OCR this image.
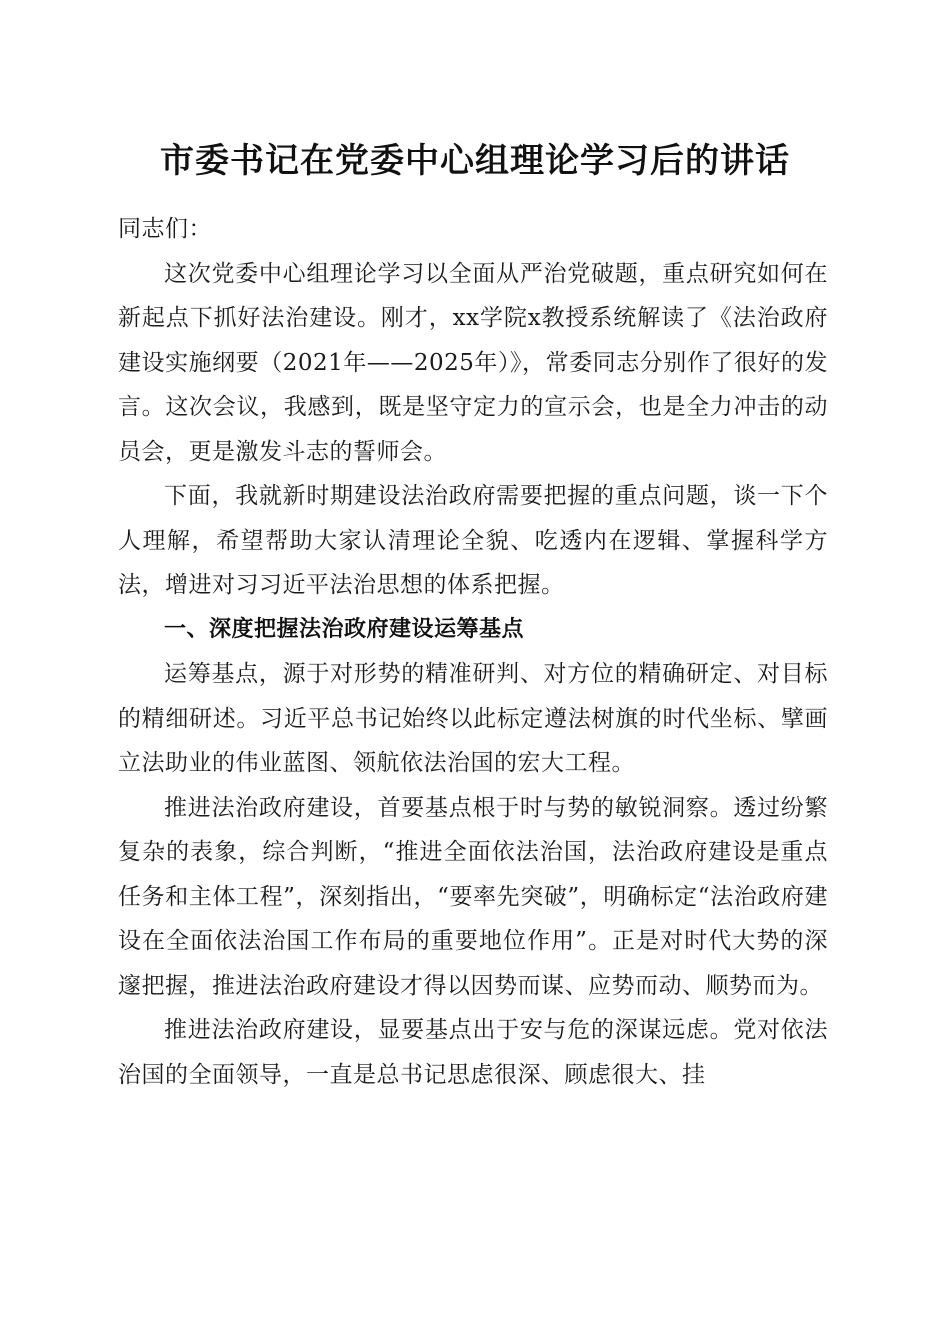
市委书记在党委中心组理论学习后的讲话

同志们：

这次党委中心组理论学习以全面从严治党破题，重点研究如何在新起点下抓好法治建设。刚才，xx学院x教授系统解读了《法治政府建设实施纲要（2021年——2025年）》，常委同志分别作了很好的发言。这次会议，我感到，既是坚守定力的宣示会，也是全力冲击的动员会，更是激发斗志的誓师会。

下面，我就新时期建设法治政府需要把握的重点问题，谈一下个人理解，希望帮助大家认清理论全貌、吃透内在逻辑、掌握科学方法，增进对习习近平法治思想的体系把握。

一、深度把握法治政府建设运筹基点

运筹基点，源于对形势的精准研判、对方位的精确研定、对目标的精细研述。习近平总书记始终以此标定遵法树旗的时代坐标、擘画立法助业的伟业蓝图、领航依法治国的宏大工程。

推进法治政府建设，首要基点根于时与势的敏锐洞察。透过纷繁复杂的表象，综合判断，“推进全面依法治国，法治政府建设是重点任务和主体工程”，深刻指出，“要率先突破”，明确标定“法治政府建设在全面依法治国工作布局的重要地位作用”。正是对时代大势的深邃把握，推进法治政府建设才得以因势而谋、应势而动、顺势而为。

推进法治政府建设，显要基点出于安与危的深谋远虑。党对依法治国的全面领导，一直是总书记思虑很深、顾虑很大、挂
